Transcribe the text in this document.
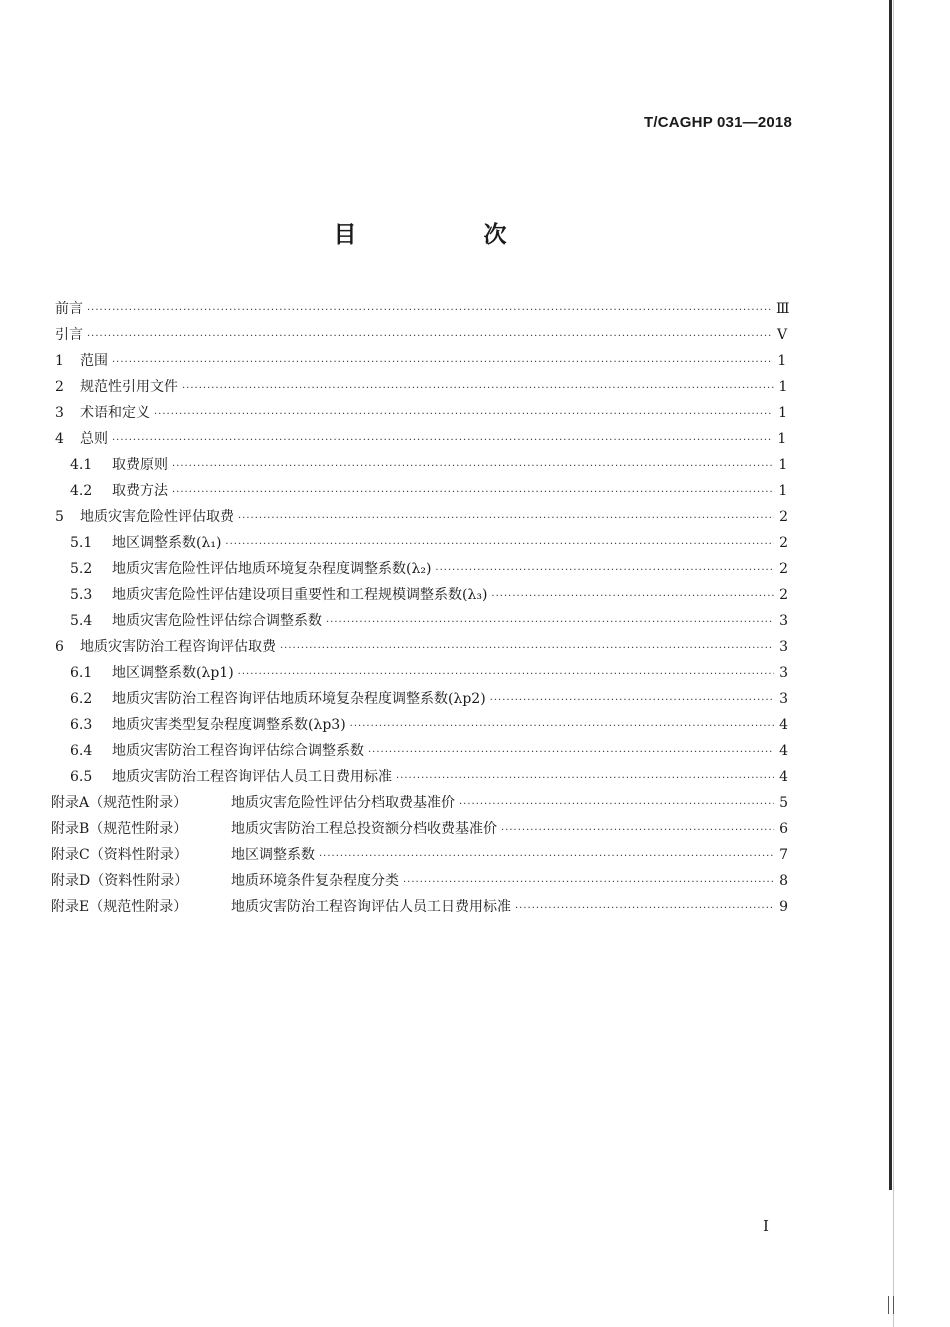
T/CAGHP 031—2018
目　次
前言 ·····	Ⅲ
引言 ·····	Ⅴ
1	范围 ·····	1
2	规范性引用文件 ·····	1
3	术语和定义 ·····	1
4	总则 ·····	1
4.1	取费原则 ·····	1
4.2	取费方法 ·····	1
5	地质灾害危险性评估取费 ·····	2
5.1	地区调整系数(λ₁) ·····	2
5.2	地质灾害危险性评估地质环境复杂程度调整系数(λ₂) ·····	2
5.3	地质灾害危险性评估建设项目重要性和工程规模调整系数(λ₃) ·····	2
5.4	地质灾害危险性评估综合调整系数 ·····	3
6	地质灾害防治工程咨询评估取费 ·····	3
6.1	地区调整系数(λp1) ·····	3
6.2	地质灾害防治工程咨询评估地质环境复杂程度调整系数(λp2) ·····	3
6.3	地质灾害类型复杂程度调整系数(λp3) ·····	4
6.4	地质灾害防治工程咨询评估综合调整系数 ·····	4
6.5	地质灾害防治工程咨询评估人员工日费用标准 ·····	4
附录A（规范性附录）	地质灾害危险性评估分档取费基准价 ·····	5
附录B（规范性附录）	地质灾害防治工程总投资额分档收费基准价 ·····	6
附录C（资料性附录）	地区调整系数 ·····	7
附录D（资料性附录）	地质环境条件复杂程度分类 ·····	8
附录E（规范性附录）	地质灾害防治工程咨询评估人员工日费用标准 ·····	9
I
